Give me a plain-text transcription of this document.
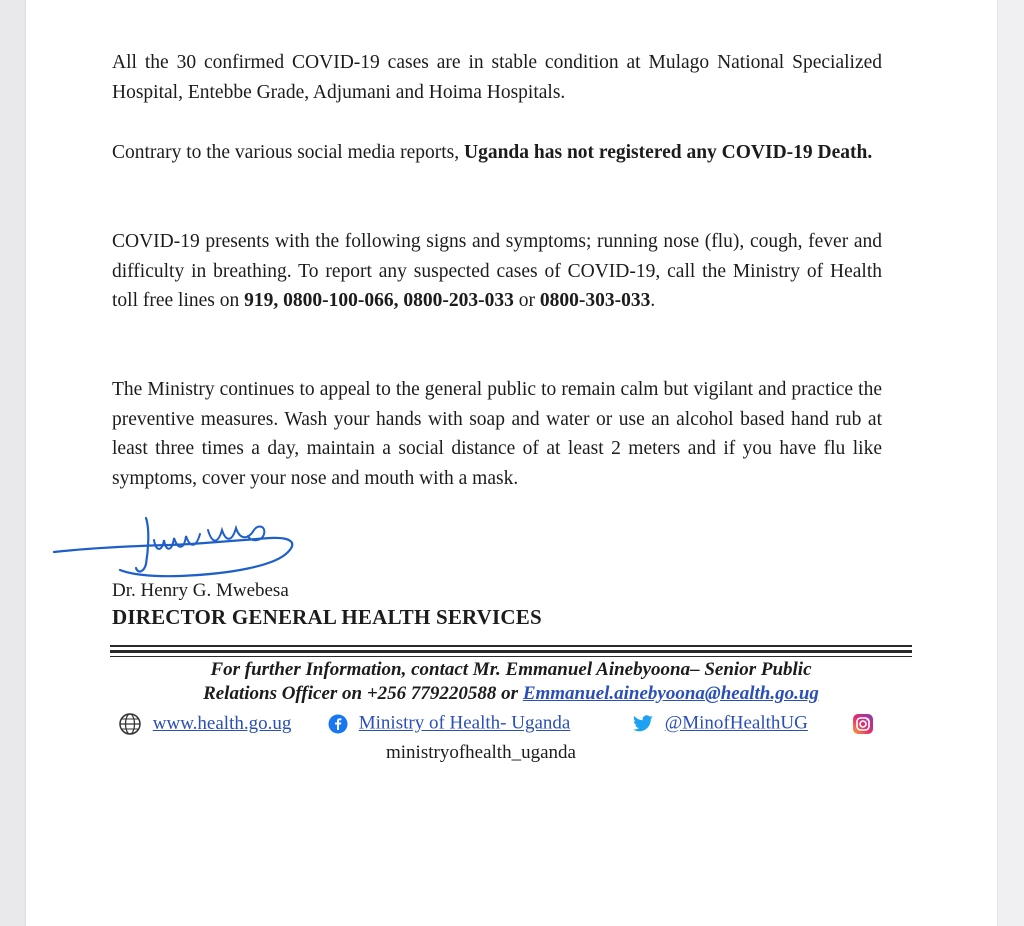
All the 30 confirmed COVID-19 cases are in stable condition at Mulago National Specialized Hospital, Entebbe Grade, Adjumani and Hoima Hospitals.
Contrary to the various social media reports, Uganda has not registered any COVID-19 Death.
COVID-19 presents with the following signs and symptoms; running nose (flu), cough, fever and difficulty in breathing. To report any suspected cases of COVID-19, call the Ministry of Health toll free lines on 919, 0800-100-066, 0800-203-033 or 0800-303-033.
The Ministry continues to appeal to the general public to remain calm but vigilant and practice the preventive measures. Wash your hands with soap and water or use an alcohol based hand rub at least three times a day, maintain a social distance of at least 2 meters and if you have flu like symptoms, cover your nose and mouth with a mask.
Dr. Henry G. Mwebesa
DIRECTOR GENERAL HEALTH SERVICES
For further Information, contact Mr. Emmanuel Ainebyoona– Senior Public
Relations Officer on +256 779220588 or Emmanuel.ainebyoona@health.go.ug
www.health.go.ug	Ministry of Health- Uganda	@MinofHealthUG
ministryofhealth_uganda
